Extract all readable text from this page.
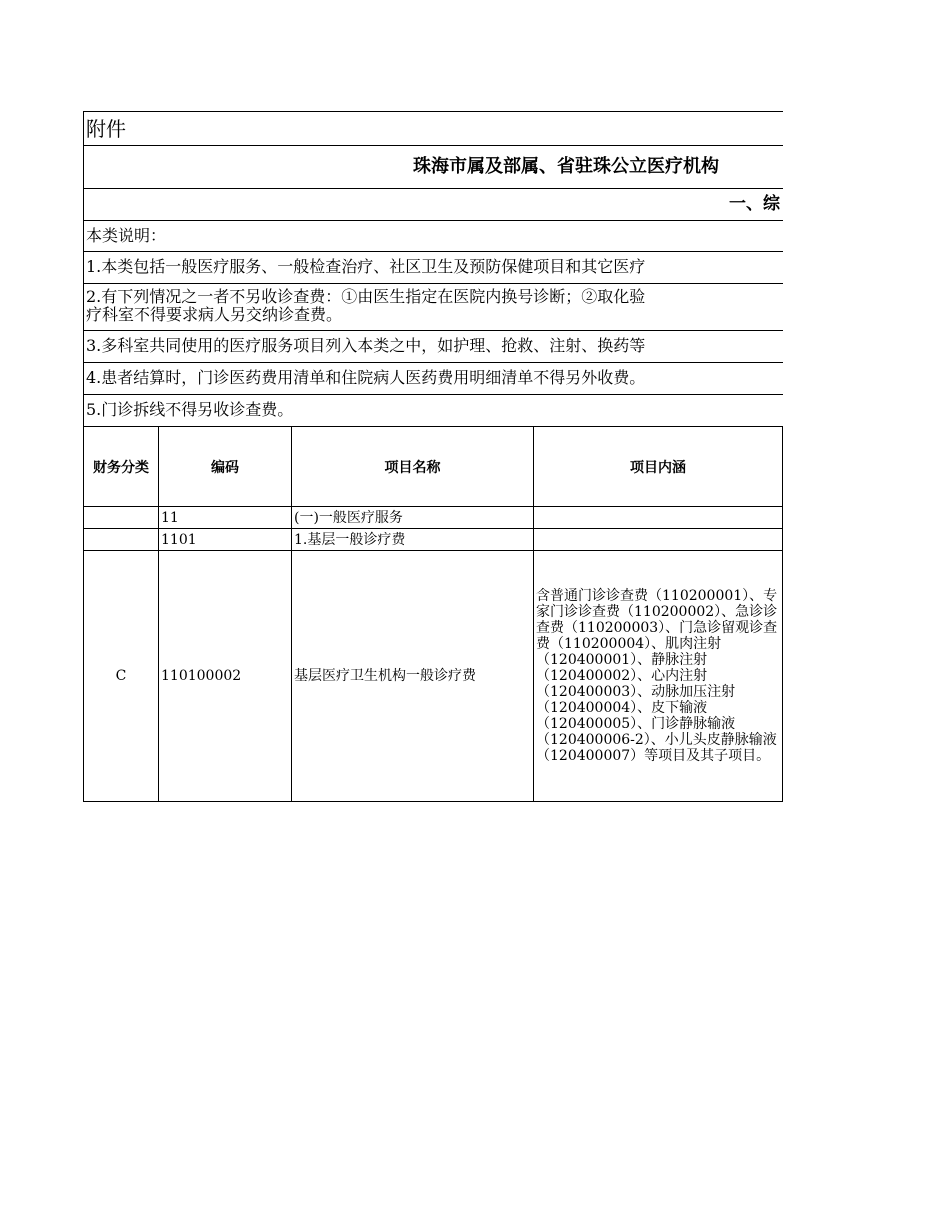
附件
珠海市属及部属、省驻珠公立医疗机构
一、综
本类说明：
1.本类包括一般医疗服务、一般检查治疗、社区卫生及预防保健项目和其它医疗
2.有下列情况之一者不另收诊查费：①由医生指定在医院内换号诊断；②取化验
疗科室不得要求病人另交纳诊查费。
3.多科室共同使用的医疗服务项目列入本类之中，如护理、抢救、注射、换药等
4.患者结算时，门诊医药费用清单和住院病人医药费用明细清单不得另外收费。
5.门诊拆线不得另收诊查费。
财务分类	编码	项目名称	项目内涵
	11	(一)一般医疗服务	
	1101	1.基层一般诊疗费	
C	110100002	基层医疗卫生机构一般诊疗费	含普通门诊诊查费（110200001）、专家门诊诊查费（110200002）、急诊诊查费（110200003）、门急诊留观诊查费（110200004）、肌肉注射（120400001）、静脉注射（120400002）、心内注射（120400003）、动脉加压注射（120400004）、皮下输液（120400005）、门诊静脉输液（120400006-2）、小儿头皮静脉输液（120400007）等项目及其子项目。
